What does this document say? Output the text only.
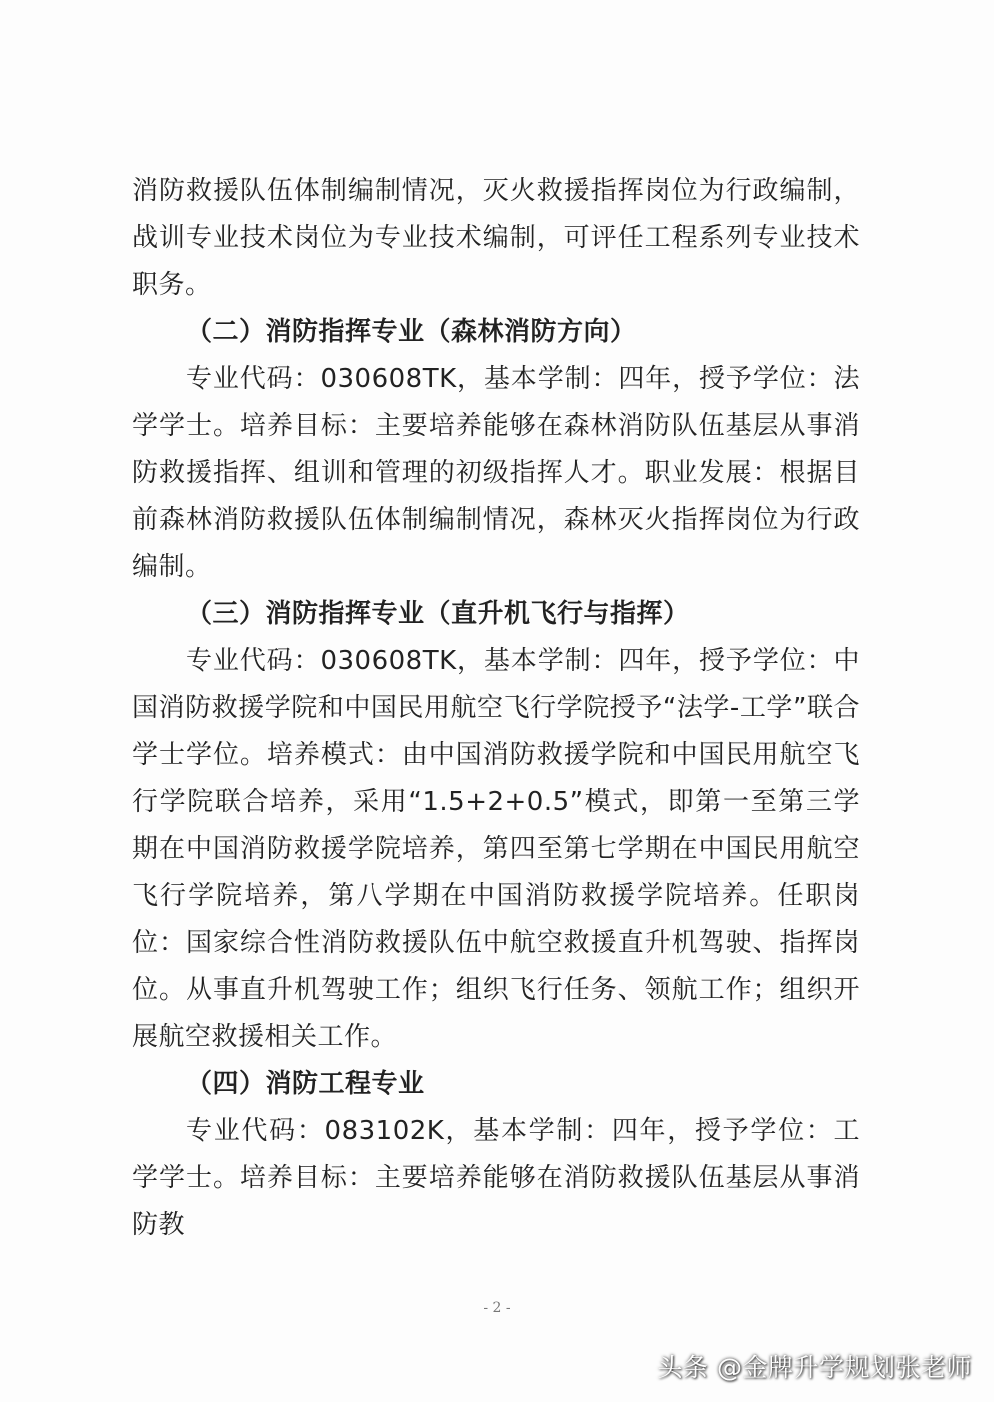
消防救援队伍体制编制情况，灭火救援指挥岗位为行政编制，战训专业技术岗位为专业技术编制，可评任工程系列专业技术职务。

（二）消防指挥专业（森林消防方向）

专业代码：030608TK，基本学制：四年，授予学位：法学学士。培养目标：主要培养能够在森林消防队伍基层从事消防救援指挥、组训和管理的初级指挥人才。职业发展：根据目前森林消防救援队伍体制编制情况，森林灭火指挥岗位为行政编制。

（三）消防指挥专业（直升机飞行与指挥）

专业代码：030608TK，基本学制：四年，授予学位：中国消防救援学院和中国民用航空飞行学院授予“法学-工学”联合学士学位。培养模式：由中国消防救援学院和中国民用航空飞行学院联合培养，采用“1.5+2+0.5”模式，即第一至第三学期在中国消防救援学院培养，第四至第七学期在中国民用航空飞行学院培养，第八学期在中国消防救援学院培养。任职岗位：国家综合性消防救援队伍中航空救援直升机驾驶、指挥岗位。从事直升机驾驶工作；组织飞行任务、领航工作；组织开展航空救援相关工作。

（四）消防工程专业

专业代码：083102K，基本学制：四年，授予学位：工学学士。培养目标：主要培养能够在消防救援队伍基层从事消防教

- 2 -
头条 @金牌升学规划张老师
